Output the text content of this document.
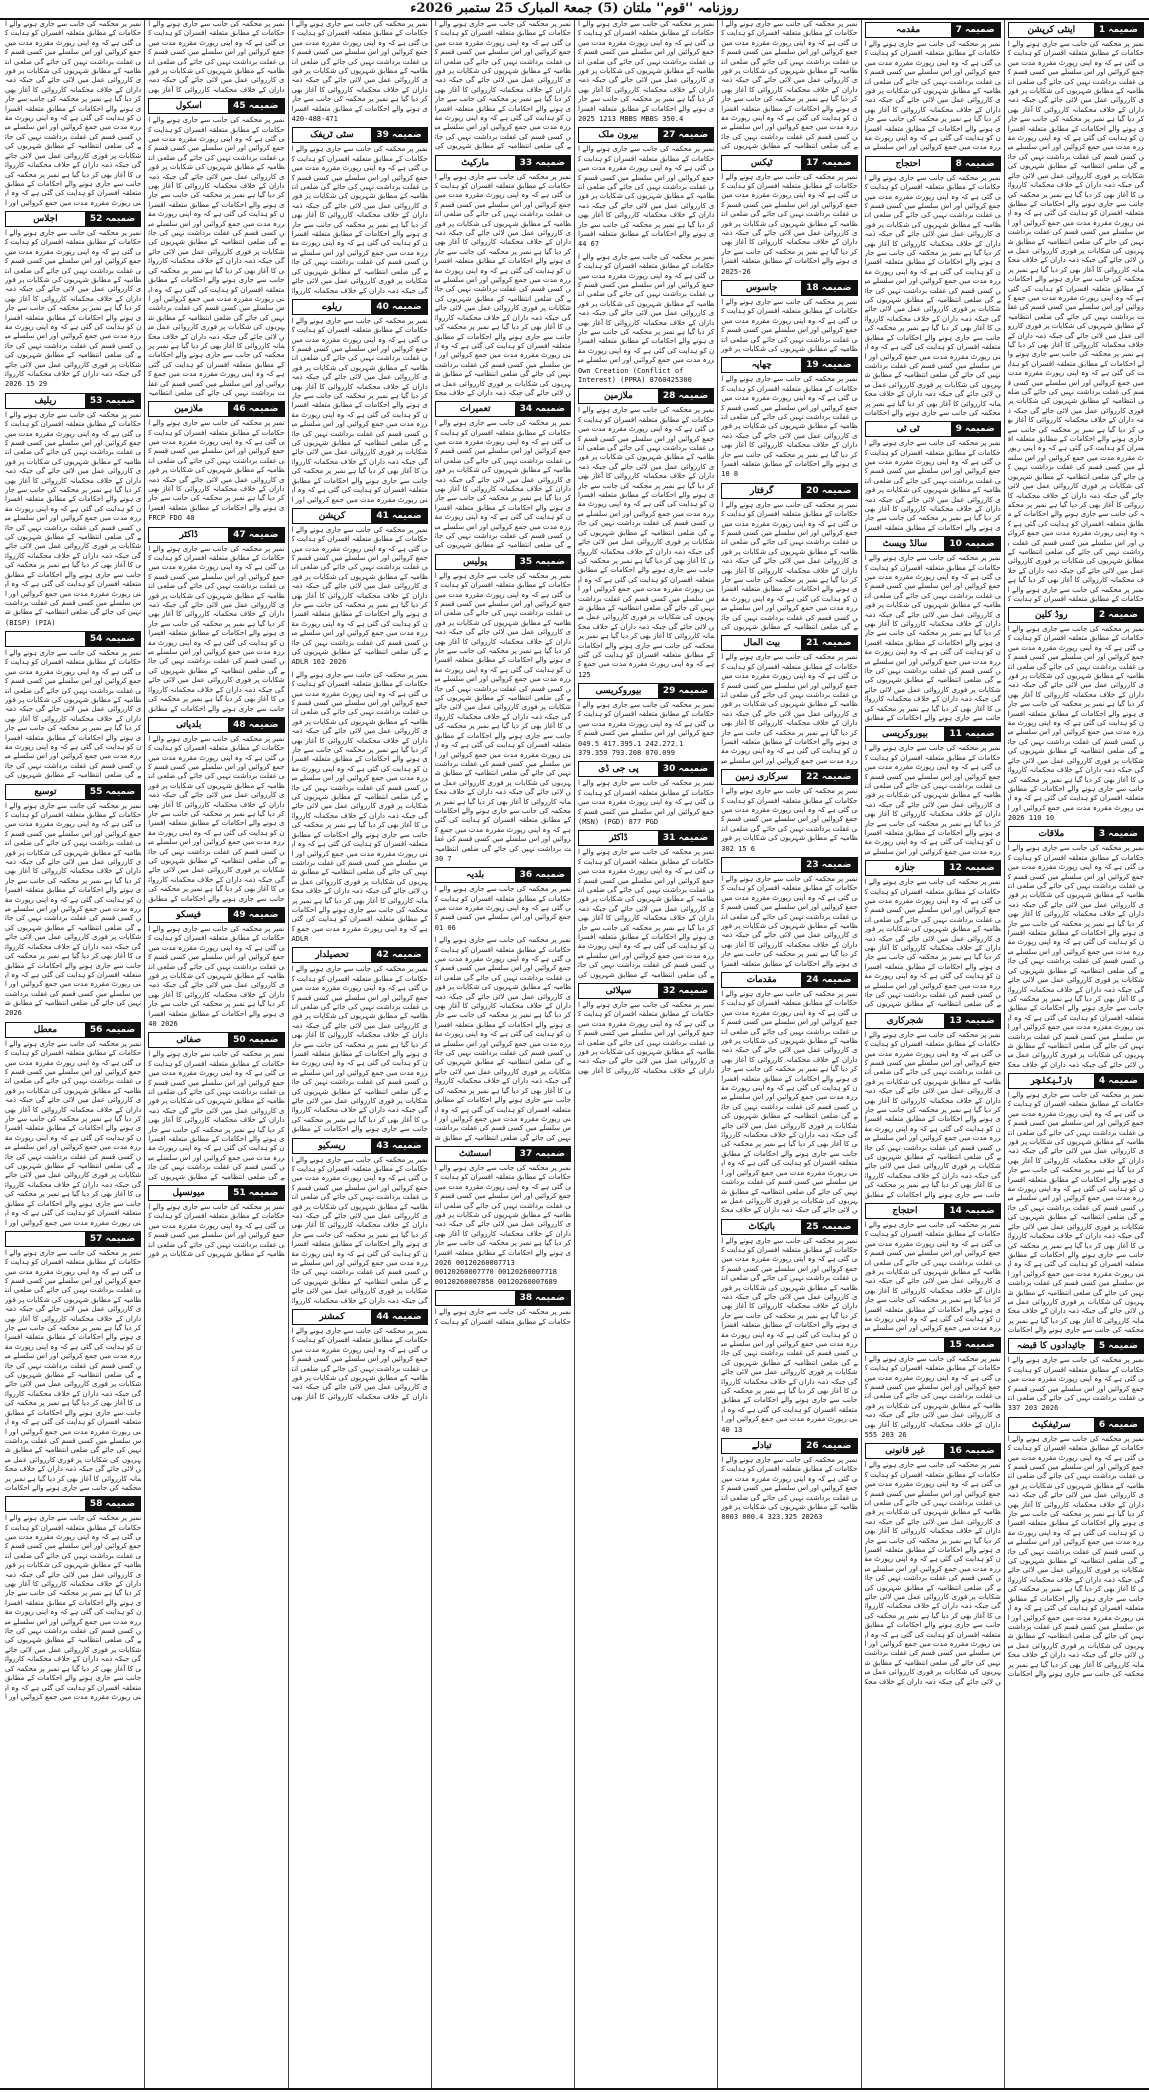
روزنامہ ''قوم'' ملتان (5) جمعۃ المبارک 25 ستمبر 2026ء
ضمیمہ 1
اینٹی کرپشن
نمبر پر محکمہ کی جانب سے جاری ہونے والے احکامات کے مطابق متعلقہ افسران کو ہدایت کی گئی ہے کہ وہ اپنی رپورٹ مقررہ مدت میں جمع کروائیں اور اس سلسلے میں کسی قسم کی غفلت برداشت نہیں کی جائے گی ضلعی انتظامیہ کے مطابق شہریوں کی شکایات پر فوری کارروائی عمل میں لائی جائے گی جبکہ ذمہ داران کے خلاف محکمانہ کارروائی کا آغاز بھی کر دیا گیا ہے نمبر پر محکمہ کی جانب سے جاری ہونے والے احکامات کے مطابق متعلقہ افسران کو ہدایت کی گئی ہے کہ وہ اپنی رپورٹ مقررہ مدت میں جمع کروائیں اور اس سلسلے میں کسی قسم کی غفلت برداشت نہیں کی جائے گی ضلعی انتظامیہ کے مطابق شہریوں کی شکایات پر فوری کارروائی عمل میں لائی جائے گی جبکہ ذمہ داران کے خلاف محکمانہ کارروائی کا آغاز بھی کر دیا گیا ہے نمبر پر محکمہ کی جانب سے جاری ہونے والے احکامات کے مطابق متعلقہ افسران کو ہدایت کی گئی ہے کہ وہ اپنی رپورٹ مقررہ مدت میں جمع کروائیں اور اس سلسلے میں کسی قسم کی غفلت برداشت نہیں کی جائے گی ضلعی انتظامیہ کے مطابق شہریوں کی شکایات پر فوری کارروائی عمل میں لائی جائے گی جبکہ ذمہ داران کے خلاف محکمانہ کارروائی کا آغاز بھی کر دیا گیا ہے نمبر پر محکمہ کی جانب سے جاری ہونے والے احکامات کے مطابق متعلقہ افسران کو ہدایت کی گئی ہے کہ وہ اپنی رپورٹ مقررہ مدت میں جمع کروائیں اور اس سلسلے میں کسی قسم کی غفلت برداشت نہیں کی جائے گی ضلعی انتظامیہ کے مطابق شہریوں کی شکایات پر فوری کارروائی عمل میں لائی جائے گی جبکہ ذمہ داران کے خلاف محکمانہ کارروائی کا آغاز بھی کر دیا گیا ہے نمبر پر محکمہ کی جانب سے جاری ہونے والے احکامات کے مطابق متعلقہ افسران کو ہدایت کی گئی ہے کہ وہ اپنی رپورٹ مقررہ مدت میں جمع کروائیں اور اس سلسلے میں کسی قسم کی غفلت برداشت نہیں کی جائے گی ضلعی انتظامیہ کے مطابق شہریوں کی شکایات پر فوری کارروائی عمل میں لائی جائے گی جبکہ ذمہ داران کے خلاف محکمانہ کارروائی کا آغاز بھی کر دیا گیا ہے نمبر پر محکمہ کی جانب سے جاری ہونے والے احکامات کے مطابق متعلقہ افسران کو ہدایت کی گئی ہے کہ وہ اپنی رپورٹ مقررہ مدت میں جمع کروائیں اور اس سلسلے میں کسی قسم کی غفلت برداشت نہیں کی جائے گی ضلعی انتظامیہ کے مطابق شہریوں کی شکایات پر فوری کارروائی عمل میں لائی جائے گی جبکہ ذمہ داران کے خلاف محکمانہ کارروائی کا آغاز بھی کر دیا گیا ہے نمبر پر محکمہ کی جانب سے جاری ہونے والے احکامات کے مطابق متعلقہ افسران کو ہدایت کی گئی ہے کہ وہ اپنی رپورٹ مقررہ مدت میں جمع کروائیں اور اس سلسلے میں کسی قسم کی غفلت برداشت نہیں کی جائے گی ضلعی انتظامیہ کے مطابق شہریوں کی شکایات پر فوری کارروائی عمل میں لائی جائے گی جبکہ ذمہ داران کے خلاف محکمانہ کارروائی کا آغاز بھی کر دیا گیا ہے نمبر پر محکمہ کی جانب سے جاری ہونے والے احکامات کے مطابق متعلقہ افسران کو ہدایت ک
ضمیمہ 2
روڈ کلین
نمبر پر محکمہ کی جانب سے جاری ہونے والے احکامات کے مطابق متعلقہ افسران کو ہدایت کی گئی ہے کہ وہ اپنی رپورٹ مقررہ مدت میں جمع کروائیں اور اس سلسلے میں کسی قسم کی غفلت برداشت نہیں کی جائے گی ضلعی انتظامیہ کے مطابق شہریوں کی شکایات پر فوری کارروائی عمل میں لائی جائے گی جبکہ ذمہ داران کے خلاف محکمانہ کارروائی کا آغاز بھی کر دیا گیا ہے نمبر پر محکمہ کی جانب سے جاری ہونے والے احکامات کے مطابق متعلقہ افسران کو ہدایت کی گئی ہے کہ وہ اپنی رپورٹ مقررہ مدت میں جمع کروائیں اور اس سلسلے میں کسی قسم کی غفلت برداشت نہیں کی جائے گی ضلعی انتظامیہ کے مطابق شہریوں کی شکایات پر فوری کارروائی عمل میں لائی جائے گی جبکہ ذمہ داران کے خلاف محکمانہ کارروائی کا آغاز بھی کر دیا گیا ہے نمبر پر محکمہ کی جانب سے جاری ہونے والے احکامات کے مطابق متعلقہ افسران کو ہدایت کی گئی ہے کہ وہ اپنی رپورٹ مقررہ مدت میں جمع کروائیں اور ا
2026 110 10
ضمیمہ 3
ملاقات
نمبر پر محکمہ کی جانب سے جاری ہونے والے احکامات کے مطابق متعلقہ افسران کو ہدایت کی گئی ہے کہ وہ اپنی رپورٹ مقررہ مدت میں جمع کروائیں اور اس سلسلے میں کسی قسم کی غفلت برداشت نہیں کی جائے گی ضلعی انتظامیہ کے مطابق شہریوں کی شکایات پر فوری کارروائی عمل میں لائی جائے گی جبکہ ذمہ داران کے خلاف محکمانہ کارروائی کا آغاز بھی کر دیا گیا ہے نمبر پر محکمہ کی جانب سے جاری ہونے والے احکامات کے مطابق متعلقہ افسران کو ہدایت کی گئی ہے کہ وہ اپنی رپورٹ مقررہ مدت میں جمع کروائیں اور اس سلسلے میں کسی قسم کی غفلت برداشت نہیں کی جائے گی ضلعی انتظامیہ کے مطابق شہریوں کی شکایات پر فوری کارروائی عمل میں لائی جائے گی جبکہ ذمہ داران کے خلاف محکمانہ کارروائی کا آغاز بھی کر دیا گیا ہے نمبر پر محکمہ کی جانب سے جاری ہونے والے احکامات کے مطابق متعلقہ افسران کو ہدایت کی گئی ہے کہ وہ اپنی رپورٹ مقررہ مدت میں جمع کروائیں اور اس سلسلے میں کسی قسم کی غفلت برداشت نہیں کی جائے گی ضلعی انتظامیہ کے مطابق شہریوں کی شکایات پر فوری کارروائی عمل میں لائی جائے گی جبکہ ذمہ داران کے خلاف محک
ضمیمہ 4
ہارٹیکلچر
نمبر پر محکمہ کی جانب سے جاری ہونے والے احکامات کے مطابق متعلقہ افسران کو ہدایت کی گئی ہے کہ وہ اپنی رپورٹ مقررہ مدت میں جمع کروائیں اور اس سلسلے میں کسی قسم کی غفلت برداشت نہیں کی جائے گی ضلعی انتظامیہ کے مطابق شہریوں کی شکایات پر فوری کارروائی عمل میں لائی جائے گی جبکہ ذمہ داران کے خلاف محکمانہ کارروائی کا آغاز بھی کر دیا گیا ہے نمبر پر محکمہ کی جانب سے جاری ہونے والے احکامات کے مطابق متعلقہ افسران کو ہدایت کی گئی ہے کہ وہ اپنی رپورٹ مقررہ مدت میں جمع کروائیں اور اس سلسلے میں کسی قسم کی غفلت برداشت نہیں کی جائے گی ضلعی انتظامیہ کے مطابق شہریوں کی شکایات پر فوری کارروائی عمل میں لائی جائے گی جبکہ ذمہ داران کے خلاف محکمانہ کارروائی کا آغاز بھی کر دیا گیا ہے نمبر پر محکمہ کی جانب سے جاری ہونے والے احکامات کے مطابق متعلقہ افسران کو ہدایت کی گئی ہے کہ وہ اپنی رپورٹ مقررہ مدت میں جمع کروائیں اور اس سلسلے میں کسی قسم کی غفلت برداشت نہیں کی جائے گی ضلعی انتظامیہ کے مطابق شہریوں کی شکایات پر فوری کارروائی عمل میں لائی جائے گی جبکہ ذمہ داران کے خلاف محکمانہ کارروائی کا آغاز بھی کر دیا گیا ہے نمبر پر محکمہ کی جانب سے جاری ہونے والے احکامات
ضمیمہ 5
جائیدادوں کا قبضہ
نمبر پر محکمہ کی جانب سے جاری ہونے والے احکامات کے مطابق متعلقہ افسران کو ہدایت کی گئی ہے کہ وہ اپنی رپورٹ مقررہ مدت میں جمع کروائیں اور اس سلسلے میں کسی قسم کی غفلت برداشت نہیں کی جائے گی ضلعی انت
337 203 2026
ضمیمہ 6
سرٹیفکیٹ
نمبر پر محکمہ کی جانب سے جاری ہونے والے احکامات کے مطابق متعلقہ افسران کو ہدایت کی گئی ہے کہ وہ اپنی رپورٹ مقررہ مدت میں جمع کروائیں اور اس سلسلے میں کسی قسم کی غفلت برداشت نہیں کی جائے گی ضلعی انتظامیہ کے مطابق شہریوں کی شکایات پر فوری کارروائی عمل میں لائی جائے گی جبکہ ذمہ داران کے خلاف محکمانہ کارروائی کا آغاز بھی کر دیا گیا ہے نمبر پر محکمہ کی جانب سے جاری ہونے والے احکامات کے مطابق متعلقہ افسران کو ہدایت کی گئی ہے کہ وہ اپنی رپورٹ مقررہ مدت میں جمع کروائیں اور اس سلسلے میں کسی قسم کی غفلت برداشت نہیں کی جائے گی ضلعی انتظامیہ کے مطابق شہریوں کی شکایات پر فوری کارروائی عمل میں لائی جائے گی جبکہ ذمہ داران کے خلاف محکمانہ کارروائی کا آغاز بھی کر دیا گیا ہے نمبر پر محکمہ کی جانب سے جاری ہونے والے احکامات کے مطابق متعلقہ افسران کو ہدایت کی گئی ہے کہ وہ اپنی رپورٹ مقررہ مدت میں جمع کروائیں اور اس سلسلے میں کسی قسم کی غفلت برداشت نہیں کی جائے گی ضلعی انتظامیہ کے مطابق شہریوں کی شکایات پر فوری کارروائی عمل میں لائی جائے گی جبکہ ذمہ داران کے خلاف محکمانہ کارروائی کا آغاز بھی کر دیا گیا ہے نمبر پر محکمہ کی جانب سے جاری ہونے والے احکامات
ضمیمہ 7
مقدمہ
نمبر پر محکمہ کی جانب سے جاری ہونے والے احکامات کے مطابق متعلقہ افسران کو ہدایت کی گئی ہے کہ وہ اپنی رپورٹ مقررہ مدت میں جمع کروائیں اور اس سلسلے میں کسی قسم کی غفلت برداشت نہیں کی جائے گی ضلعی انتظامیہ کے مطابق شہریوں کی شکایات پر فوری کارروائی عمل میں لائی جائے گی جبکہ ذمہ داران کے خلاف محکمانہ کارروائی کا آغاز بھی کر دیا گیا ہے نمبر پر محکمہ کی جانب سے جاری ہونے والے احکامات کے مطابق متعلقہ افسران کو ہدایت کی گئی ہے کہ وہ اپنی رپورٹ مقررہ مدت میں جمع کروائیں اور اس سلسلے می
ضمیمہ 8
احتجاج
نمبر پر محکمہ کی جانب سے جاری ہونے والے احکامات کے مطابق متعلقہ افسران کو ہدایت کی گئی ہے کہ وہ اپنی رپورٹ مقررہ مدت میں جمع کروائیں اور اس سلسلے میں کسی قسم کی غفلت برداشت نہیں کی جائے گی ضلعی انتظامیہ کے مطابق شہریوں کی شکایات پر فوری کارروائی عمل میں لائی جائے گی جبکہ ذمہ داران کے خلاف محکمانہ کارروائی کا آغاز بھی کر دیا گیا ہے نمبر پر محکمہ کی جانب سے جاری ہونے والے احکامات کے مطابق متعلقہ افسران کو ہدایت کی گئی ہے کہ وہ اپنی رپورٹ مقررہ مدت میں جمع کروائیں اور اس سلسلے میں کسی قسم کی غفلت برداشت نہیں کی جائے گی ضلعی انتظامیہ کے مطابق شہریوں کی شکایات پر فوری کارروائی عمل میں لائی جائے گی جبکہ ذمہ داران کے خلاف محکمانہ کارروائی کا آغاز بھی کر دیا گیا ہے نمبر پر محکمہ کی جانب سے جاری ہونے والے احکامات کے مطابق متعلقہ افسران کو ہدایت کی گئی ہے کہ وہ اپنی رپورٹ مقررہ مدت میں جمع کروائیں اور اس سلسلے میں کسی قسم کی غفلت برداشت نہیں کی جائے گی ضلعی انتظامیہ کے مطابق شہریوں کی شکایات پر فوری کارروائی عمل میں لائی جائے گی جبکہ ذمہ داران کے خلاف محکمانہ کارروائی کا آغاز بھی کر دیا گیا ہے نمبر پر محکمہ کی جانب سے جاری ہونے والے احکامات
ضمیمہ 9
ٹی ٹی
نمبر پر محکمہ کی جانب سے جاری ہونے والے احکامات کے مطابق متعلقہ افسران کو ہدایت کی گئی ہے کہ وہ اپنی رپورٹ مقررہ مدت میں جمع کروائیں اور اس سلسلے میں کسی قسم کی غفلت برداشت نہیں کی جائے گی ضلعی انتظامیہ کے مطابق شہریوں کی شکایات پر فوری کارروائی عمل میں لائی جائے گی جبکہ ذمہ داران کے خلاف محکمانہ کارروائی کا آغاز بھی کر دیا گیا ہے نمبر پر محکمہ کی جانب سے جاری ہونے والے احکامات کے مطابق متعلقہ افسرا
ضمیمہ 10
سالڈ ویسٹ
نمبر پر محکمہ کی جانب سے جاری ہونے والے احکامات کے مطابق متعلقہ افسران کو ہدایت کی گئی ہے کہ وہ اپنی رپورٹ مقررہ مدت میں جمع کروائیں اور اس سلسلے میں کسی قسم کی غفلت برداشت نہیں کی جائے گی ضلعی انتظامیہ کے مطابق شہریوں کی شکایات پر فوری کارروائی عمل میں لائی جائے گی جبکہ ذمہ داران کے خلاف محکمانہ کارروائی کا آغاز بھی کر دیا گیا ہے نمبر پر محکمہ کی جانب سے جاری ہونے والے احکامات کے مطابق متعلقہ افسران کو ہدایت کی گئی ہے کہ وہ اپنی رپورٹ مقررہ مدت میں جمع کروائیں اور اس سلسلے میں کسی قسم کی غفلت برداشت نہیں کی جائے گی ضلعی انتظامیہ کے مطابق شہریوں کی شکایات پر فوری کارروائی عمل میں لائی جائے گی جبکہ ذمہ داران کے خلاف محکمانہ کارروائی کا آغاز بھی کر دیا گیا ہے نمبر پر محکمہ کی جانب سے جاری ہونے والے احکامات کے مطابق
ضمیمہ 11
بیوروکریسی
نمبر پر محکمہ کی جانب سے جاری ہونے والے احکامات کے مطابق متعلقہ افسران کو ہدایت کی گئی ہے کہ وہ اپنی رپورٹ مقررہ مدت میں جمع کروائیں اور اس سلسلے میں کسی قسم کی غفلت برداشت نہیں کی جائے گی ضلعی انتظامیہ کے مطابق شہریوں کی شکایات پر فوری کارروائی عمل میں لائی جائے گی جبکہ ذمہ داران کے خلاف محکمانہ کارروائی کا آغاز بھی کر دیا گیا ہے نمبر پر محکمہ کی جانب سے جاری ہونے والے احکامات کے مطابق متعلقہ افسران کو ہدایت کی گئی ہے کہ وہ اپنی رپورٹ مقررہ مدت میں جمع کروائیں اور اس سلسلے می
ضمیمہ 12
جنازہ
نمبر پر محکمہ کی جانب سے جاری ہونے والے احکامات کے مطابق متعلقہ افسران کو ہدایت کی گئی ہے کہ وہ اپنی رپورٹ مقررہ مدت میں جمع کروائیں اور اس سلسلے میں کسی قسم کی غفلت برداشت نہیں کی جائے گی ضلعی انتظامیہ کے مطابق شہریوں کی شکایات پر فوری کارروائی عمل میں لائی جائے گی جبکہ ذمہ داران کے خلاف محکمانہ کارروائی کا آغاز بھی کر دیا گیا ہے نمبر پر محکمہ کی جانب سے جاری ہونے والے احکامات کے مطابق متعلقہ افسران کو ہدایت کی گئی ہے کہ وہ اپنی رپورٹ مقررہ مدت میں جمع کروائیں اور اس سلسلے میں کسی قسم کی غفلت برداشت نہیں کی جائے گی ضلعی انتظامیہ کے مطابق شہریوں کی
ضمیمہ 13
شجرکاری
نمبر پر محکمہ کی جانب سے جاری ہونے والے احکامات کے مطابق متعلقہ افسران کو ہدایت کی گئی ہے کہ وہ اپنی رپورٹ مقررہ مدت میں جمع کروائیں اور اس سلسلے میں کسی قسم کی غفلت برداشت نہیں کی جائے گی ضلعی انتظامیہ کے مطابق شہریوں کی شکایات پر فوری کارروائی عمل میں لائی جائے گی جبکہ ذمہ داران کے خلاف محکمانہ کارروائی کا آغاز بھی کر دیا گیا ہے نمبر پر محکمہ کی جانب سے جاری ہونے والے احکامات کے مطابق متعلقہ افسران کو ہدایت کی گئی ہے کہ وہ اپنی رپورٹ مقررہ مدت میں جمع کروائیں اور اس سلسلے میں کسی قسم کی غفلت برداشت نہیں کی جائے گی ضلعی انتظامیہ کے مطابق شہریوں کی شکایات پر فوری کارروائی عمل میں لائی جائے گی جبکہ ذمہ داران کے خلاف محکمانہ کارروائی کا آغاز بھی کر دیا گیا ہے نمبر پر محکمہ کی جانب سے جاری ہونے والے احکامات کے مطابق
ضمیمہ 14
احتجاج
نمبر پر محکمہ کی جانب سے جاری ہونے والے احکامات کے مطابق متعلقہ افسران کو ہدایت کی گئی ہے کہ وہ اپنی رپورٹ مقررہ مدت میں جمع کروائیں اور اس سلسلے میں کسی قسم کی غفلت برداشت نہیں کی جائے گی ضلعی انتظامیہ کے مطابق شہریوں کی شکایات پر فوری کارروائی عمل میں لائی جائے گی جبکہ ذمہ داران کے خلاف محکمانہ کارروائی کا آغاز بھی کر دیا گیا ہے نمبر پر محکمہ کی جانب سے جاری ہونے والے احکامات کے مطابق متعلقہ افسران کو ہدایت کی گئی ہے کہ وہ اپنی رپورٹ مقررہ مدت میں جمع کروائیں اور اس سلسلے می
ضمیمہ 15
نمبر پر محکمہ کی جانب سے جاری ہونے والے احکامات کے مطابق متعلقہ افسران کو ہدایت کی گئی ہے کہ وہ اپنی رپورٹ مقررہ مدت میں جمع کروائیں اور اس سلسلے میں کسی قسم کی غفلت برداشت نہیں کی جائے گی ضلعی انتظامیہ کے مطابق شہریوں کی شکایات پر فوری کارروائی عمل میں لائی جائے گی جبکہ ذمہ داران کے خلاف محکمانہ کارروائی کا آغاز بھی
555 203 26
ضمیمہ 16
غیر قانونی
نمبر پر محکمہ کی جانب سے جاری ہونے والے احکامات کے مطابق متعلقہ افسران کو ہدایت کی گئی ہے کہ وہ اپنی رپورٹ مقررہ مدت میں جمع کروائیں اور اس سلسلے میں کسی قسم کی غفلت برداشت نہیں کی جائے گی ضلعی انتظامیہ کے مطابق شہریوں کی شکایات پر فوری کارروائی عمل میں لائی جائے گی جبکہ ذمہ داران کے خلاف محکمانہ کارروائی کا آغاز بھی کر دیا گیا ہے نمبر پر محکمہ کی جانب سے جاری ہونے والے احکامات کے مطابق متعلقہ افسران کو ہدایت کی گئی ہے کہ وہ اپنی رپورٹ مقررہ مدت میں جمع کروائیں اور اس سلسلے میں کسی قسم کی غفلت برداشت نہیں کی جائے گی ضلعی انتظامیہ کے مطابق شہریوں کی شکایات پر فوری کارروائی عمل میں لائی جائے گی جبکہ ذمہ داران کے خلاف محکمانہ کارروائی کا آغاز بھی کر دیا گیا ہے نمبر پر محکمہ کی جانب سے جاری ہونے والے احکامات کے مطابق متعلقہ افسران کو ہدایت کی گئی ہے کہ وہ اپنی رپورٹ مقررہ مدت میں جمع کروائیں اور اس سلسلے میں کسی قسم کی غفلت برداشت نہیں کی جائے گی ضلعی انتظامیہ کے مطابق شہریوں کی شکایات پر فوری کارروائی عمل میں لائی جائے گی جبکہ ذمہ داران کے خلاف محک
نمبر پر محکمہ کی جانب سے جاری ہونے والے احکامات کے مطابق متعلقہ افسران کو ہدایت کی گئی ہے کہ وہ اپنی رپورٹ مقررہ مدت میں جمع کروائیں اور اس سلسلے میں کسی قسم کی غفلت برداشت نہیں کی جائے گی ضلعی انتظامیہ کے مطابق شہریوں کی شکایات پر فوری کارروائی عمل میں لائی جائے گی جبکہ ذمہ داران کے خلاف محکمانہ کارروائی کا آغاز بھی کر دیا گیا ہے نمبر پر محکمہ کی جانب سے جاری ہونے والے احکامات کے مطابق متعلقہ افسران کو ہدایت کی گئی ہے کہ وہ اپنی رپورٹ مقررہ مدت میں جمع کروائیں اور اس سلسلے میں کسی قسم کی غفلت برداشت نہیں کی جائے گی ضلعی انتظامیہ کے مطابق شہریوں کی
ضمیمہ 17
ٹیکس
نمبر پر محکمہ کی جانب سے جاری ہونے والے احکامات کے مطابق متعلقہ افسران کو ہدایت کی گئی ہے کہ وہ اپنی رپورٹ مقررہ مدت میں جمع کروائیں اور اس سلسلے میں کسی قسم کی غفلت برداشت نہیں کی جائے گی ضلعی انتظامیہ کے مطابق شہریوں کی شکایات پر فوری کارروائی عمل میں لائی جائے گی جبکہ ذمہ داران کے خلاف محکمانہ کارروائی کا آغاز بھی کر دیا گیا ہے نمبر پر محکمہ کی جانب سے جاری ہونے والے احکامات کے مطابق متعلقہ افسرا
2025-26
ضمیمہ 18
جاسوس
نمبر پر محکمہ کی جانب سے جاری ہونے والے احکامات کے مطابق متعلقہ افسران کو ہدایت کی گئی ہے کہ وہ اپنی رپورٹ مقررہ مدت میں جمع کروائیں اور اس سلسلے میں کسی قسم کی غفلت برداشت نہیں کی جائے گی ضلعی انتظامیہ کے مطابق شہریوں کی شکایات پر فور
ضمیمہ 19
چھاپہ
نمبر پر محکمہ کی جانب سے جاری ہونے والے احکامات کے مطابق متعلقہ افسران کو ہدایت کی گئی ہے کہ وہ اپنی رپورٹ مقررہ مدت میں جمع کروائیں اور اس سلسلے میں کسی قسم کی غفلت برداشت نہیں کی جائے گی ضلعی انتظامیہ کے مطابق شہریوں کی شکایات پر فوری کارروائی عمل میں لائی جائے گی جبکہ ذمہ داران کے خلاف محکمانہ کارروائی کا آغاز بھی کر دیا گیا ہے نمبر پر محکمہ کی جانب سے جاری ہونے والے احکامات کے مطابق متعلقہ افسرا
10 8
ضمیمہ 20
گرفتار
نمبر پر محکمہ کی جانب سے جاری ہونے والے احکامات کے مطابق متعلقہ افسران کو ہدایت کی گئی ہے کہ وہ اپنی رپورٹ مقررہ مدت میں جمع کروائیں اور اس سلسلے میں کسی قسم کی غفلت برداشت نہیں کی جائے گی ضلعی انتظامیہ کے مطابق شہریوں کی شکایات پر فوری کارروائی عمل میں لائی جائے گی جبکہ ذمہ داران کے خلاف محکمانہ کارروائی کا آغاز بھی کر دیا گیا ہے نمبر پر محکمہ کی جانب سے جاری ہونے والے احکامات کے مطابق متعلقہ افسران کو ہدایت کی گئی ہے کہ وہ اپنی رپورٹ مقررہ مدت میں جمع کروائیں اور اس سلسلے میں کسی قسم کی غفلت برداشت نہیں کی جائے گی ضلعی انتظامیہ کے مطابق شہریوں کی
ضمیمہ 21
بیت المال
نمبر پر محکمہ کی جانب سے جاری ہونے والے احکامات کے مطابق متعلقہ افسران کو ہدایت کی گئی ہے کہ وہ اپنی رپورٹ مقررہ مدت میں جمع کروائیں اور اس سلسلے میں کسی قسم کی غفلت برداشت نہیں کی جائے گی ضلعی انتظامیہ کے مطابق شہریوں کی شکایات پر فوری کارروائی عمل میں لائی جائے گی جبکہ ذمہ داران کے خلاف محکمانہ کارروائی کا آغاز بھی کر دیا گیا ہے نمبر پر محکمہ کی جانب سے جاری ہونے والے احکامات کے مطابق متعلقہ افسران کو ہدایت کی گئی ہے کہ وہ اپنی رپورٹ مقررہ مدت میں جمع کروائیں اور اس سلسلے می
ضمیمہ 22
سرکاری زمین
نمبر پر محکمہ کی جانب سے جاری ہونے والے احکامات کے مطابق متعلقہ افسران کو ہدایت کی گئی ہے کہ وہ اپنی رپورٹ مقررہ مدت میں جمع کروائیں اور اس سلسلے میں کسی قسم کی غفلت برداشت نہیں کی جائے گی ضلعی انتظامیہ کے مطابق شہریوں کی شکایات پر فور
302 15 6
ضمیمہ 23
نمبر پر محکمہ کی جانب سے جاری ہونے والے احکامات کے مطابق متعلقہ افسران کو ہدایت کی گئی ہے کہ وہ اپنی رپورٹ مقررہ مدت میں جمع کروائیں اور اس سلسلے میں کسی قسم کی غفلت برداشت نہیں کی جائے گی ضلعی انتظامیہ کے مطابق شہریوں کی شکایات پر فوری کارروائی عمل میں لائی جائے گی جبکہ ذمہ داران کے خلاف محکمانہ کارروائی کا آغاز بھی کر دیا گیا ہے نمبر پر محکمہ کی جانب سے جاری ہونے والے احکامات کے مطابق متعلقہ افسرا
ضمیمہ 24
مقدمات
نمبر پر محکمہ کی جانب سے جاری ہونے والے احکامات کے مطابق متعلقہ افسران کو ہدایت کی گئی ہے کہ وہ اپنی رپورٹ مقررہ مدت میں جمع کروائیں اور اس سلسلے میں کسی قسم کی غفلت برداشت نہیں کی جائے گی ضلعی انتظامیہ کے مطابق شہریوں کی شکایات پر فوری کارروائی عمل میں لائی جائے گی جبکہ ذمہ داران کے خلاف محکمانہ کارروائی کا آغاز بھی کر دیا گیا ہے نمبر پر محکمہ کی جانب سے جاری ہونے والے احکامات کے مطابق متعلقہ افسران کو ہدایت کی گئی ہے کہ وہ اپنی رپورٹ مقررہ مدت میں جمع کروائیں اور اس سلسلے میں کسی قسم کی غفلت برداشت نہیں کی جائے گی ضلعی انتظامیہ کے مطابق شہریوں کی شکایات پر فوری کارروائی عمل میں لائی جائے گی جبکہ ذمہ داران کے خلاف محکمانہ کارروائی کا آغاز بھی کر دیا گیا ہے نمبر پر محکمہ کی جانب سے جاری ہونے والے احکامات کے مطابق متعلقہ افسران کو ہدایت کی گئی ہے کہ وہ اپنی رپورٹ مقررہ مدت میں جمع کروائیں اور اس سلسلے میں کسی قسم کی غفلت برداشت نہیں کی جائے گی ضلعی انتظامیہ کے مطابق شہریوں کی شکایات پر فوری کارروائی عمل میں لائی جائے گی جبکہ ذمہ داران کے خلاف محک
ضمیمہ 25
بائیکاٹ
نمبر پر محکمہ کی جانب سے جاری ہونے والے احکامات کے مطابق متعلقہ افسران کو ہدایت کی گئی ہے کہ وہ اپنی رپورٹ مقررہ مدت میں جمع کروائیں اور اس سلسلے میں کسی قسم کی غفلت برداشت نہیں کی جائے گی ضلعی انتظامیہ کے مطابق شہریوں کی شکایات پر فوری کارروائی عمل میں لائی جائے گی جبکہ ذمہ داران کے خلاف محکمانہ کارروائی کا آغاز بھی کر دیا گیا ہے نمبر پر محکمہ کی جانب سے جاری ہونے والے احکامات کے مطابق متعلقہ افسران کو ہدایت کی گئی ہے کہ وہ اپنی رپورٹ مقررہ مدت میں جمع کروائیں اور اس سلسلے میں کسی قسم کی غفلت برداشت نہیں کی جائے گی ضلعی انتظامیہ کے مطابق شہریوں کی شکایات پر فوری کارروائی عمل میں لائی جائے گی جبکہ ذمہ داران کے خلاف محکمانہ کارروائی کا آغاز بھی کر دیا گیا ہے نمبر پر محکمہ کی جانب سے جاری ہونے والے احکامات کے مطابق متعلقہ افسران کو ہدایت کی گئی ہے کہ وہ اپنی رپورٹ مقررہ مدت میں جمع کروائیں اور ا
40 13
ضمیمہ 26
تبادلے
نمبر پر محکمہ کی جانب سے جاری ہونے والے احکامات کے مطابق متعلقہ افسران کو ہدایت کی گئی ہے کہ وہ اپنی رپورٹ مقررہ مدت میں جمع کروائیں اور اس سلسلے میں کسی قسم کی غفلت برداشت نہیں کی جائے گی ضلعی انتظامیہ کے مطابق شہریوں کی شکایات پر فور
8003 000.4 323.325 20263
نمبر پر محکمہ کی جانب سے جاری ہونے والے احکامات کے مطابق متعلقہ افسران کو ہدایت کی گئی ہے کہ وہ اپنی رپورٹ مقررہ مدت میں جمع کروائیں اور اس سلسلے میں کسی قسم کی غفلت برداشت نہیں کی جائے گی ضلعی انتظامیہ کے مطابق شہریوں کی شکایات پر فوری کارروائی عمل میں لائی جائے گی جبکہ ذمہ داران کے خلاف محکمانہ کارروائی کا آغاز بھی کر دیا گیا ہے نمبر پر محکمہ کی جانب سے جاری ہونے والے احکامات کے مطابق متعلقہ افسرا
2025 1213 MBBS MBBS 350.4
ضمیمہ 27
بیرون ملک
نمبر پر محکمہ کی جانب سے جاری ہونے والے احکامات کے مطابق متعلقہ افسران کو ہدایت کی گئی ہے کہ وہ اپنی رپورٹ مقررہ مدت میں جمع کروائیں اور اس سلسلے میں کسی قسم کی غفلت برداشت نہیں کی جائے گی ضلعی انتظامیہ کے مطابق شہریوں کی شکایات پر فوری کارروائی عمل میں لائی جائے گی جبکہ ذمہ داران کے خلاف محکمانہ کارروائی کا آغاز بھی کر دیا گیا ہے نمبر پر محکمہ کی جانب سے جاری ہونے والے احکامات کے مطابق متعلقہ افسرا
44 67
نمبر پر محکمہ کی جانب سے جاری ہونے والے احکامات کے مطابق متعلقہ افسران کو ہدایت کی گئی ہے کہ وہ اپنی رپورٹ مقررہ مدت میں جمع کروائیں اور اس سلسلے میں کسی قسم کی غفلت برداشت نہیں کی جائے گی ضلعی انتظامیہ کے مطابق شہریوں کی شکایات پر فوری کارروائی عمل میں لائی جائے گی جبکہ ذمہ داران کے خلاف محکمانہ کارروائی کا آغاز بھی کر دیا گیا ہے نمبر پر محکمہ کی جانب سے جاری ہونے والے احکامات کے مطابق متعلقہ افسران کو ہدایت کی گئی ہے کہ وہ اپنی رپورٹ مقررہ مدت میں جمع کروائیں اور اس سلسلے می
Own Creation (Conflict of Interest) (PPRA) 8760425300
ضمیمہ 28
ملازمین
نمبر پر محکمہ کی جانب سے جاری ہونے والے احکامات کے مطابق متعلقہ افسران کو ہدایت کی گئی ہے کہ وہ اپنی رپورٹ مقررہ مدت میں جمع کروائیں اور اس سلسلے میں کسی قسم کی غفلت برداشت نہیں کی جائے گی ضلعی انتظامیہ کے مطابق شہریوں کی شکایات پر فوری کارروائی عمل میں لائی جائے گی جبکہ ذمہ داران کے خلاف محکمانہ کارروائی کا آغاز بھی کر دیا گیا ہے نمبر پر محکمہ کی جانب سے جاری ہونے والے احکامات کے مطابق متعلقہ افسران کو ہدایت کی گئی ہے کہ وہ اپنی رپورٹ مقررہ مدت میں جمع کروائیں اور اس سلسلے میں کسی قسم کی غفلت برداشت نہیں کی جائے گی ضلعی انتظامیہ کے مطابق شہریوں کی شکایات پر فوری کارروائی عمل میں لائی جائے گی جبکہ ذمہ داران کے خلاف محکمانہ کارروائی کا آغاز بھی کر دیا گیا ہے نمبر پر محکمہ کی جانب سے جاری ہونے والے احکامات کے مطابق متعلقہ افسران کو ہدایت کی گئی ہے کہ وہ اپنی رپورٹ مقررہ مدت میں جمع کروائیں اور اس سلسلے میں کسی قسم کی غفلت برداشت نہیں کی جائے گی ضلعی انتظامیہ کے مطابق شہریوں کی شکایات پر فوری کارروائی عمل میں لائی جائے گی جبکہ ذمہ داران کے خلاف محکمانہ کارروائی کا آغاز بھی کر دیا گیا ہے نمبر پر محکمہ کی جانب سے جاری ہونے والے احکامات کے مطابق متعلقہ افسران کو ہدایت کی گئی ہے کہ وہ اپنی رپورٹ مقررہ مدت میں جمع ک
125
ضمیمہ 29
بیوروکریسی
نمبر پر محکمہ کی جانب سے جاری ہونے والے احکامات کے مطابق متعلقہ افسران کو ہدایت کی گئی ہے کہ وہ اپنی رپورٹ مقررہ مدت میں جمع کروائیں اور اس سلسلے میں کسی قسم ک
049.5 417.395.1 242.272.1 379.359 793.208 070.099
ضمیمہ 30
پی جی ڈی
نمبر پر محکمہ کی جانب سے جاری ہونے والے احکامات کے مطابق متعلقہ افسران کو ہدایت کی گئی ہے کہ وہ اپنی رپورٹ مقررہ مدت میں جمع کروائیں اور اس سلسلے میں کسی قسم ک
(MSN) (PGD) 877 PGD
ضمیمہ 31
ڈاکٹر
نمبر پر محکمہ کی جانب سے جاری ہونے والے احکامات کے مطابق متعلقہ افسران کو ہدایت کی گئی ہے کہ وہ اپنی رپورٹ مقررہ مدت میں جمع کروائیں اور اس سلسلے میں کسی قسم کی غفلت برداشت نہیں کی جائے گی ضلعی انتظامیہ کے مطابق شہریوں کی شکایات پر فوری کارروائی عمل میں لائی جائے گی جبکہ ذمہ داران کے خلاف محکمانہ کارروائی کا آغاز بھی کر دیا گیا ہے نمبر پر محکمہ کی جانب سے جاری ہونے والے احکامات کے مطابق متعلقہ افسران کو ہدایت کی گئی ہے کہ وہ اپنی رپورٹ مقررہ مدت میں جمع کروائیں اور اس سلسلے میں کسی قسم کی غفلت برداشت نہیں کی جائے گی ضلعی انتظامیہ کے مطابق شہریوں کی
ضمیمہ 32
سپلائی
نمبر پر محکمہ کی جانب سے جاری ہونے والے احکامات کے مطابق متعلقہ افسران کو ہدایت کی گئی ہے کہ وہ اپنی رپورٹ مقررہ مدت میں جمع کروائیں اور اس سلسلے میں کسی قسم کی غفلت برداشت نہیں کی جائے گی ضلعی انتظامیہ کے مطابق شہریوں کی شکایات پر فوری کارروائی عمل میں لائی جائے گی جبکہ ذمہ داران کے خلاف محکمانہ کارروائی کا آغاز بھی
نمبر پر محکمہ کی جانب سے جاری ہونے والے احکامات کے مطابق متعلقہ افسران کو ہدایت کی گئی ہے کہ وہ اپنی رپورٹ مقررہ مدت میں جمع کروائیں اور اس سلسلے میں کسی قسم کی غفلت برداشت نہیں کی جائے گی ضلعی انتظامیہ کے مطابق شہریوں کی شکایات پر فوری کارروائی عمل میں لائی جائے گی جبکہ ذمہ داران کے خلاف محکمانہ کارروائی کا آغاز بھی کر دیا گیا ہے نمبر پر محکمہ کی جانب سے جاری ہونے والے احکامات کے مطابق متعلقہ افسران کو ہدایت کی گئی ہے کہ وہ اپنی رپورٹ مقررہ مدت میں جمع کروائیں اور اس سلسلے میں کسی قسم کی غفلت برداشت نہیں کی جائے گی ضلعی انتظامیہ کے مطابق شہریوں کی
ضمیمہ 33
مارکیٹ
نمبر پر محکمہ کی جانب سے جاری ہونے والے احکامات کے مطابق متعلقہ افسران کو ہدایت کی گئی ہے کہ وہ اپنی رپورٹ مقررہ مدت میں جمع کروائیں اور اس سلسلے میں کسی قسم کی غفلت برداشت نہیں کی جائے گی ضلعی انتظامیہ کے مطابق شہریوں کی شکایات پر فوری کارروائی عمل میں لائی جائے گی جبکہ ذمہ داران کے خلاف محکمانہ کارروائی کا آغاز بھی کر دیا گیا ہے نمبر پر محکمہ کی جانب سے جاری ہونے والے احکامات کے مطابق متعلقہ افسران کو ہدایت کی گئی ہے کہ وہ اپنی رپورٹ مقررہ مدت میں جمع کروائیں اور اس سلسلے میں کسی قسم کی غفلت برداشت نہیں کی جائے گی ضلعی انتظامیہ کے مطابق شہریوں کی شکایات پر فوری کارروائی عمل میں لائی جائے گی جبکہ ذمہ داران کے خلاف محکمانہ کارروائی کا آغاز بھی کر دیا گیا ہے نمبر پر محکمہ کی جانب سے جاری ہونے والے احکامات کے مطابق متعلقہ افسران کو ہدایت کی گئی ہے کہ وہ اپنی رپورٹ مقررہ مدت میں جمع کروائیں اور اس سلسلے میں کسی قسم کی غفلت برداشت نہیں کی جائے گی ضلعی انتظامیہ کے مطابق شہریوں کی شکایات پر فوری کارروائی عمل میں لائی جائے گی جبکہ ذمہ داران کے خلاف محک
ضمیمہ 34
تعمیرات
نمبر پر محکمہ کی جانب سے جاری ہونے والے احکامات کے مطابق متعلقہ افسران کو ہدایت کی گئی ہے کہ وہ اپنی رپورٹ مقررہ مدت میں جمع کروائیں اور اس سلسلے میں کسی قسم کی غفلت برداشت نہیں کی جائے گی ضلعی انتظامیہ کے مطابق شہریوں کی شکایات پر فوری کارروائی عمل میں لائی جائے گی جبکہ ذمہ داران کے خلاف محکمانہ کارروائی کا آغاز بھی کر دیا گیا ہے نمبر پر محکمہ کی جانب سے جاری ہونے والے احکامات کے مطابق متعلقہ افسران کو ہدایت کی گئی ہے کہ وہ اپنی رپورٹ مقررہ مدت میں جمع کروائیں اور اس سلسلے میں کسی قسم کی غفلت برداشت نہیں کی جائے گی ضلعی انتظامیہ کے مطابق شہریوں کی
ضمیمہ 35
پولیس
نمبر پر محکمہ کی جانب سے جاری ہونے والے احکامات کے مطابق متعلقہ افسران کو ہدایت کی گئی ہے کہ وہ اپنی رپورٹ مقررہ مدت میں جمع کروائیں اور اس سلسلے میں کسی قسم کی غفلت برداشت نہیں کی جائے گی ضلعی انتظامیہ کے مطابق شہریوں کی شکایات پر فوری کارروائی عمل میں لائی جائے گی جبکہ ذمہ داران کے خلاف محکمانہ کارروائی کا آغاز بھی کر دیا گیا ہے نمبر پر محکمہ کی جانب سے جاری ہونے والے احکامات کے مطابق متعلقہ افسران کو ہدایت کی گئی ہے کہ وہ اپنی رپورٹ مقررہ مدت میں جمع کروائیں اور اس سلسلے میں کسی قسم کی غفلت برداشت نہیں کی جائے گی ضلعی انتظامیہ کے مطابق شہریوں کی شکایات پر فوری کارروائی عمل میں لائی جائے گی جبکہ ذمہ داران کے خلاف محکمانہ کارروائی کا آغاز بھی کر دیا گیا ہے نمبر پر محکمہ کی جانب سے جاری ہونے والے احکامات کے مطابق متعلقہ افسران کو ہدایت کی گئی ہے کہ وہ اپنی رپورٹ مقررہ مدت میں جمع کروائیں اور اس سلسلے میں کسی قسم کی غفلت برداشت نہیں کی جائے گی ضلعی انتظامیہ کے مطابق شہریوں کی شکایات پر فوری کارروائی عمل میں لائی جائے گی جبکہ ذمہ داران کے خلاف محکمانہ کارروائی کا آغاز بھی کر دیا گیا ہے نمبر پر محکمہ کی جانب سے جاری ہونے والے احکامات کے مطابق متعلقہ افسران کو ہدایت کی گئی ہے کہ وہ اپنی رپورٹ مقررہ مدت میں جمع کروائیں اور اس سلسلے میں کسی قسم کی غفلت برداشت نہیں کی جائے گی ضلعی انتظامیہ
30 7
ضمیمہ 36
بلدیہ
نمبر پر محکمہ کی جانب سے جاری ہونے والے احکامات کے مطابق متعلقہ افسران کو ہدایت کی گئی ہے کہ وہ اپنی رپورٹ مقررہ مدت میں جمع کروائیں اور اس سلسلے میں کسی قسم ک
01 06
نمبر پر محکمہ کی جانب سے جاری ہونے والے احکامات کے مطابق متعلقہ افسران کو ہدایت کی گئی ہے کہ وہ اپنی رپورٹ مقررہ مدت میں جمع کروائیں اور اس سلسلے میں کسی قسم کی غفلت برداشت نہیں کی جائے گی ضلعی انتظامیہ کے مطابق شہریوں کی شکایات پر فوری کارروائی عمل میں لائی جائے گی جبکہ ذمہ داران کے خلاف محکمانہ کارروائی کا آغاز بھی کر دیا گیا ہے نمبر پر محکمہ کی جانب سے جاری ہونے والے احکامات کے مطابق متعلقہ افسران کو ہدایت کی گئی ہے کہ وہ اپنی رپورٹ مقررہ مدت میں جمع کروائیں اور اس سلسلے میں کسی قسم کی غفلت برداشت نہیں کی جائے گی ضلعی انتظامیہ کے مطابق شہریوں کی شکایات پر فوری کارروائی عمل میں لائی جائے گی جبکہ ذمہ داران کے خلاف محکمانہ کارروائی کا آغاز بھی کر دیا گیا ہے نمبر پر محکمہ کی جانب سے جاری ہونے والے احکامات کے مطابق متعلقہ افسران کو ہدایت کی گئی ہے کہ وہ اپنی رپورٹ مقررہ مدت میں جمع کروائیں اور اس سلسلے میں کسی قسم کی غفلت برداشت نہیں کی جائے گی ضلعی انتظامیہ کے مطابق ش
ضمیمہ 37
اسسٹنٹ
نمبر پر محکمہ کی جانب سے جاری ہونے والے احکامات کے مطابق متعلقہ افسران کو ہدایت کی گئی ہے کہ وہ اپنی رپورٹ مقررہ مدت میں جمع کروائیں اور اس سلسلے میں کسی قسم کی غفلت برداشت نہیں کی جائے گی ضلعی انتظامیہ کے مطابق شہریوں کی شکایات پر فوری کارروائی عمل میں لائی جائے گی جبکہ ذمہ داران کے خلاف محکمانہ کارروائی کا آغاز بھی کر دیا گیا ہے نمبر پر محکمہ کی جانب سے جاری ہونے والے احکامات کے مطابق متعلقہ افسرا
2026 00120260007713 00120260007770 00120260007718 00120260007858 00120260007689
ضمیمہ 38
نمبر پر محکمہ کی جانب سے جاری ہونے والے احکامات کے مطابق متعلقہ افسران کو ہدایت ک
نمبر پر محکمہ کی جانب سے جاری ہونے والے احکامات کے مطابق متعلقہ افسران کو ہدایت کی گئی ہے کہ وہ اپنی رپورٹ مقررہ مدت میں جمع کروائیں اور اس سلسلے میں کسی قسم کی غفلت برداشت نہیں کی جائے گی ضلعی انتظامیہ کے مطابق شہریوں کی شکایات پر فوری کارروائی عمل میں لائی جائے گی جبکہ ذمہ داران کے خلاف محکمانہ کارروائی کا آغاز بھی کر دیا گیا ہے نمبر پر محکمہ کی جانب سے جاری ہونے والے احکامات کے مطابق متعلقہ افسرا
420-488-471
ضمیمہ 39
سٹی ٹریفک
نمبر پر محکمہ کی جانب سے جاری ہونے والے احکامات کے مطابق متعلقہ افسران کو ہدایت کی گئی ہے کہ وہ اپنی رپورٹ مقررہ مدت میں جمع کروائیں اور اس سلسلے میں کسی قسم کی غفلت برداشت نہیں کی جائے گی ضلعی انتظامیہ کے مطابق شہریوں کی شکایات پر فوری کارروائی عمل میں لائی جائے گی جبکہ ذمہ داران کے خلاف محکمانہ کارروائی کا آغاز بھی کر دیا گیا ہے نمبر پر محکمہ کی جانب سے جاری ہونے والے احکامات کے مطابق متعلقہ افسران کو ہدایت کی گئی ہے کہ وہ اپنی رپورٹ مقررہ مدت میں جمع کروائیں اور اس سلسلے میں کسی قسم کی غفلت برداشت نہیں کی جائے گی ضلعی انتظامیہ کے مطابق شہریوں کی شکایات پر فوری کارروائی عمل میں لائی جائے گی جبکہ ذمہ داران کے خلاف محکمانہ کارروائ
ضمیمہ 40
ریلوے
نمبر پر محکمہ کی جانب سے جاری ہونے والے احکامات کے مطابق متعلقہ افسران کو ہدایت کی گئی ہے کہ وہ اپنی رپورٹ مقررہ مدت میں جمع کروائیں اور اس سلسلے میں کسی قسم کی غفلت برداشت نہیں کی جائے گی ضلعی انتظامیہ کے مطابق شہریوں کی شکایات پر فوری کارروائی عمل میں لائی جائے گی جبکہ ذمہ داران کے خلاف محکمانہ کارروائی کا آغاز بھی کر دیا گیا ہے نمبر پر محکمہ کی جانب سے جاری ہونے والے احکامات کے مطابق متعلقہ افسران کو ہدایت کی گئی ہے کہ وہ اپنی رپورٹ مقررہ مدت میں جمع کروائیں اور اس سلسلے میں کسی قسم کی غفلت برداشت نہیں کی جائے گی ضلعی انتظامیہ کے مطابق شہریوں کی شکایات پر فوری کارروائی عمل میں لائی جائے گی جبکہ ذمہ داران کے خلاف محکمانہ کارروائی کا آغاز بھی کر دیا گیا ہے نمبر پر محکمہ کی جانب سے جاری ہونے والے احکامات کے مطابق متعلقہ افسران کو ہدایت کی گئی ہے کہ وہ اپنی رپورٹ مقررہ مدت میں جمع کروائیں اور ا
ضمیمہ 41
کرپشن
نمبر پر محکمہ کی جانب سے جاری ہونے والے احکامات کے مطابق متعلقہ افسران کو ہدایت کی گئی ہے کہ وہ اپنی رپورٹ مقررہ مدت میں جمع کروائیں اور اس سلسلے میں کسی قسم کی غفلت برداشت نہیں کی جائے گی ضلعی انتظامیہ کے مطابق شہریوں کی شکایات پر فوری کارروائی عمل میں لائی جائے گی جبکہ ذمہ داران کے خلاف محکمانہ کارروائی کا آغاز بھی کر دیا گیا ہے نمبر پر محکمہ کی جانب سے جاری ہونے والے احکامات کے مطابق متعلقہ افسران کو ہدایت کی گئی ہے کہ وہ اپنی رپورٹ مقررہ مدت میں جمع کروائیں اور اس سلسلے میں کسی قسم کی غفلت برداشت نہیں کی جائے گی ضلعی انتظامیہ کے مطابق شہریوں کی
ADLR 162 2026
نمبر پر محکمہ کی جانب سے جاری ہونے والے احکامات کے مطابق متعلقہ افسران کو ہدایت کی گئی ہے کہ وہ اپنی رپورٹ مقررہ مدت میں جمع کروائیں اور اس سلسلے میں کسی قسم کی غفلت برداشت نہیں کی جائے گی ضلعی انتظامیہ کے مطابق شہریوں کی شکایات پر فوری کارروائی عمل میں لائی جائے گی جبکہ ذمہ داران کے خلاف محکمانہ کارروائی کا آغاز بھی کر دیا گیا ہے نمبر پر محکمہ کی جانب سے جاری ہونے والے احکامات کے مطابق متعلقہ افسران کو ہدایت کی گئی ہے کہ وہ اپنی رپورٹ مقررہ مدت میں جمع کروائیں اور اس سلسلے میں کسی قسم کی غفلت برداشت نہیں کی جائے گی ضلعی انتظامیہ کے مطابق شہریوں کی شکایات پر فوری کارروائی عمل میں لائی جائے گی جبکہ ذمہ داران کے خلاف محکمانہ کارروائی کا آغاز بھی کر دیا گیا ہے نمبر پر محکمہ کی جانب سے جاری ہونے والے احکامات کے مطابق متعلقہ افسران کو ہدایت کی گئی ہے کہ وہ اپنی رپورٹ مقررہ مدت میں جمع کروائیں اور اس سلسلے میں کسی قسم کی غفلت برداشت نہیں کی جائے گی ضلعی انتظامیہ کے مطابق شہریوں کی شکایات پر فوری کارروائی عمل میں لائی جائے گی جبکہ ذمہ داران کے خلاف محکمانہ کارروائی کا آغاز بھی کر دیا گیا ہے نمبر پر محکمہ کی جانب سے جاری ہونے والے احکامات کے مطابق متعلقہ افسران کو ہدایت کی گئی ہے کہ وہ اپنی رپورٹ مقررہ مدت میں جمع ک
ADLR
ضمیمہ 42
تحصیلدار
نمبر پر محکمہ کی جانب سے جاری ہونے والے احکامات کے مطابق متعلقہ افسران کو ہدایت کی گئی ہے کہ وہ اپنی رپورٹ مقررہ مدت میں جمع کروائیں اور اس سلسلے میں کسی قسم کی غفلت برداشت نہیں کی جائے گی ضلعی انتظامیہ کے مطابق شہریوں کی شکایات پر فوری کارروائی عمل میں لائی جائے گی جبکہ ذمہ داران کے خلاف محکمانہ کارروائی کا آغاز بھی کر دیا گیا ہے نمبر پر محکمہ کی جانب سے جاری ہونے والے احکامات کے مطابق متعلقہ افسران کو ہدایت کی گئی ہے کہ وہ اپنی رپورٹ مقررہ مدت میں جمع کروائیں اور اس سلسلے میں کسی قسم کی غفلت برداشت نہیں کی جائے گی ضلعی انتظامیہ کے مطابق شہریوں کی شکایات پر فوری کارروائی عمل میں لائی جائے گی جبکہ ذمہ داران کے خلاف محکمانہ کارروائی کا آغاز بھی کر دیا گیا ہے نمبر پر محکمہ کی جانب سے جاری ہونے والے احکامات کے مطابق
ضمیمہ 43
ریسکیو
نمبر پر محکمہ کی جانب سے جاری ہونے والے احکامات کے مطابق متعلقہ افسران کو ہدایت کی گئی ہے کہ وہ اپنی رپورٹ مقررہ مدت میں جمع کروائیں اور اس سلسلے میں کسی قسم کی غفلت برداشت نہیں کی جائے گی ضلعی انتظامیہ کے مطابق شہریوں کی شکایات پر فوری کارروائی عمل میں لائی جائے گی جبکہ ذمہ داران کے خلاف محکمانہ کارروائی کا آغاز بھی کر دیا گیا ہے نمبر پر محکمہ کی جانب سے جاری ہونے والے احکامات کے مطابق متعلقہ افسران کو ہدایت کی گئی ہے کہ وہ اپنی رپورٹ مقررہ مدت میں جمع کروائیں اور اس سلسلے میں کسی قسم کی غفلت برداشت نہیں کی جائے گی ضلعی انتظامیہ کے مطابق شہریوں کی شکایات پر فوری کارروائی عمل میں لائی جائے گی جبکہ ذمہ داران کے خلاف محکمانہ کارروائ
ضمیمہ 44
کمشنر
نمبر پر محکمہ کی جانب سے جاری ہونے والے احکامات کے مطابق متعلقہ افسران کو ہدایت کی گئی ہے کہ وہ اپنی رپورٹ مقررہ مدت میں جمع کروائیں اور اس سلسلے میں کسی قسم کی غفلت برداشت نہیں کی جائے گی ضلعی انتظامیہ کے مطابق شہریوں کی شکایات پر فوری کارروائی عمل میں لائی جائے گی جبکہ ذمہ داران کے خلاف محکمانہ کارروائی کا آغاز بھی
نمبر پر محکمہ کی جانب سے جاری ہونے والے احکامات کے مطابق متعلقہ افسران کو ہدایت کی گئی ہے کہ وہ اپنی رپورٹ مقررہ مدت میں جمع کروائیں اور اس سلسلے میں کسی قسم کی غفلت برداشت نہیں کی جائے گی ضلعی انتظامیہ کے مطابق شہریوں کی شکایات پر فوری کارروائی عمل میں لائی جائے گی جبکہ ذمہ داران کے خلاف محکمانہ کارروائی کا آغاز بھی
ضمیمہ 45
اسکول
نمبر پر محکمہ کی جانب سے جاری ہونے والے احکامات کے مطابق متعلقہ افسران کو ہدایت کی گئی ہے کہ وہ اپنی رپورٹ مقررہ مدت میں جمع کروائیں اور اس سلسلے میں کسی قسم کی غفلت برداشت نہیں کی جائے گی ضلعی انتظامیہ کے مطابق شہریوں کی شکایات پر فوری کارروائی عمل میں لائی جائے گی جبکہ ذمہ داران کے خلاف محکمانہ کارروائی کا آغاز بھی کر دیا گیا ہے نمبر پر محکمہ کی جانب سے جاری ہونے والے احکامات کے مطابق متعلقہ افسران کو ہدایت کی گئی ہے کہ وہ اپنی رپورٹ مقررہ مدت میں جمع کروائیں اور اس سلسلے میں کسی قسم کی غفلت برداشت نہیں کی جائے گی ضلعی انتظامیہ کے مطابق شہریوں کی شکایات پر فوری کارروائی عمل میں لائی جائے گی جبکہ ذمہ داران کے خلاف محکمانہ کارروائی کا آغاز بھی کر دیا گیا ہے نمبر پر محکمہ کی جانب سے جاری ہونے والے احکامات کے مطابق متعلقہ افسران کو ہدایت کی گئی ہے کہ وہ اپنی رپورٹ مقررہ مدت میں جمع کروائیں اور اس سلسلے میں کسی قسم کی غفلت برداشت نہیں کی جائے گی ضلعی انتظامیہ کے مطابق شہریوں کی شکایات پر فوری کارروائی عمل میں لائی جائے گی جبکہ ذمہ داران کے خلاف محکمانہ کارروائی کا آغاز بھی کر دیا گیا ہے نمبر پر محکمہ کی جانب سے جاری ہونے والے احکامات کے مطابق متعلقہ افسران کو ہدایت کی گئی ہے کہ وہ اپنی رپورٹ مقررہ مدت میں جمع کروائیں اور اس سلسلے میں کسی قسم کی غفلت برداشت نہیں کی جائے گی ضلعی انتظامیہ
ضمیمہ 46
ملازمین
نمبر پر محکمہ کی جانب سے جاری ہونے والے احکامات کے مطابق متعلقہ افسران کو ہدایت کی گئی ہے کہ وہ اپنی رپورٹ مقررہ مدت میں جمع کروائیں اور اس سلسلے میں کسی قسم کی غفلت برداشت نہیں کی جائے گی ضلعی انتظامیہ کے مطابق شہریوں کی شکایات پر فوری کارروائی عمل میں لائی جائے گی جبکہ ذمہ داران کے خلاف محکمانہ کارروائی کا آغاز بھی کر دیا گیا ہے نمبر پر محکمہ کی جانب سے جاری ہونے والے احکامات کے مطابق متعلقہ افسرا
FRCP FDO 40
ضمیمہ 47
ڈاکٹر
نمبر پر محکمہ کی جانب سے جاری ہونے والے احکامات کے مطابق متعلقہ افسران کو ہدایت کی گئی ہے کہ وہ اپنی رپورٹ مقررہ مدت میں جمع کروائیں اور اس سلسلے میں کسی قسم کی غفلت برداشت نہیں کی جائے گی ضلعی انتظامیہ کے مطابق شہریوں کی شکایات پر فوری کارروائی عمل میں لائی جائے گی جبکہ ذمہ داران کے خلاف محکمانہ کارروائی کا آغاز بھی کر دیا گیا ہے نمبر پر محکمہ کی جانب سے جاری ہونے والے احکامات کے مطابق متعلقہ افسران کو ہدایت کی گئی ہے کہ وہ اپنی رپورٹ مقررہ مدت میں جمع کروائیں اور اس سلسلے میں کسی قسم کی غفلت برداشت نہیں کی جائے گی ضلعی انتظامیہ کے مطابق شہریوں کی شکایات پر فوری کارروائی عمل میں لائی جائے گی جبکہ ذمہ داران کے خلاف محکمانہ کارروائی کا آغاز بھی کر دیا گیا ہے نمبر پر محکمہ کی جانب سے جاری ہونے والے احکامات کے مطابق
ضمیمہ 48
بلدیاتی
نمبر پر محکمہ کی جانب سے جاری ہونے والے احکامات کے مطابق متعلقہ افسران کو ہدایت کی گئی ہے کہ وہ اپنی رپورٹ مقررہ مدت میں جمع کروائیں اور اس سلسلے میں کسی قسم کی غفلت برداشت نہیں کی جائے گی ضلعی انتظامیہ کے مطابق شہریوں کی شکایات پر فوری کارروائی عمل میں لائی جائے گی جبکہ ذمہ داران کے خلاف محکمانہ کارروائی کا آغاز بھی کر دیا گیا ہے نمبر پر محکمہ کی جانب سے جاری ہونے والے احکامات کے مطابق متعلقہ افسران کو ہدایت کی گئی ہے کہ وہ اپنی رپورٹ مقررہ مدت میں جمع کروائیں اور اس سلسلے میں کسی قسم کی غفلت برداشت نہیں کی جائے گی ضلعی انتظامیہ کے مطابق شہریوں کی شکایات پر فوری کارروائی عمل میں لائی جائے گی جبکہ ذمہ داران کے خلاف محکمانہ کارروائی کا آغاز بھی کر دیا گیا ہے نمبر پر محکمہ کی جانب سے جاری ہونے والے احکامات کے مطابق
ضمیمہ 49
فیسکو
نمبر پر محکمہ کی جانب سے جاری ہونے والے احکامات کے مطابق متعلقہ افسران کو ہدایت کی گئی ہے کہ وہ اپنی رپورٹ مقررہ مدت میں جمع کروائیں اور اس سلسلے میں کسی قسم کی غفلت برداشت نہیں کی جائے گی ضلعی انتظامیہ کے مطابق شہریوں کی شکایات پر فوری کارروائی عمل میں لائی جائے گی جبکہ ذمہ داران کے خلاف محکمانہ کارروائی کا آغاز بھی کر دیا گیا ہے نمبر پر محکمہ کی جانب سے جاری ہونے والے احکامات کے مطابق متعلقہ افسرا
40 2026
ضمیمہ 50
صفائی
نمبر پر محکمہ کی جانب سے جاری ہونے والے احکامات کے مطابق متعلقہ افسران کو ہدایت کی گئی ہے کہ وہ اپنی رپورٹ مقررہ مدت میں جمع کروائیں اور اس سلسلے میں کسی قسم کی غفلت برداشت نہیں کی جائے گی ضلعی انتظامیہ کے مطابق شہریوں کی شکایات پر فوری کارروائی عمل میں لائی جائے گی جبکہ ذمہ داران کے خلاف محکمانہ کارروائی کا آغاز بھی کر دیا گیا ہے نمبر پر محکمہ کی جانب سے جاری ہونے والے احکامات کے مطابق متعلقہ افسران کو ہدایت کی گئی ہے کہ وہ اپنی رپورٹ مقررہ مدت میں جمع کروائیں اور اس سلسلے میں کسی قسم کی غفلت برداشت نہیں کی جائے گی ضلعی انتظامیہ کے مطابق شہریوں کی
ضمیمہ 51
میونسپل
نمبر پر محکمہ کی جانب سے جاری ہونے والے احکامات کے مطابق متعلقہ افسران کو ہدایت کی گئی ہے کہ وہ اپنی رپورٹ مقررہ مدت میں جمع کروائیں اور اس سلسلے میں کسی قسم کی غفلت برداشت نہیں کی جائے گی ضلعی انتظامیہ کے مطابق شہریوں کی شکایات پر فور
نمبر پر محکمہ کی جانب سے جاری ہونے والے احکامات کے مطابق متعلقہ افسران کو ہدایت کی گئی ہے کہ وہ اپنی رپورٹ مقررہ مدت میں جمع کروائیں اور اس سلسلے میں کسی قسم کی غفلت برداشت نہیں کی جائے گی ضلعی انتظامیہ کے مطابق شہریوں کی شکایات پر فوری کارروائی عمل میں لائی جائے گی جبکہ ذمہ داران کے خلاف محکمانہ کارروائی کا آغاز بھی کر دیا گیا ہے نمبر پر محکمہ کی جانب سے جاری ہونے والے احکامات کے مطابق متعلقہ افسران کو ہدایت کی گئی ہے کہ وہ اپنی رپورٹ مقررہ مدت میں جمع کروائیں اور اس سلسلے میں کسی قسم کی غفلت برداشت نہیں کی جائے گی ضلعی انتظامیہ کے مطابق شہریوں کی شکایات پر فوری کارروائی عمل میں لائی جائے گی جبکہ ذمہ داران کے خلاف محکمانہ کارروائی کا آغاز بھی کر دیا گیا ہے نمبر پر محکمہ کی جانب سے جاری ہونے والے احکامات کے مطابق متعلقہ افسران کو ہدایت کی گئی ہے کہ وہ اپنی رپورٹ مقررہ مدت میں جمع کروائیں اور ا
ضمیمہ 52
اجلاس
نمبر پر محکمہ کی جانب سے جاری ہونے والے احکامات کے مطابق متعلقہ افسران کو ہدایت کی گئی ہے کہ وہ اپنی رپورٹ مقررہ مدت میں جمع کروائیں اور اس سلسلے میں کسی قسم کی غفلت برداشت نہیں کی جائے گی ضلعی انتظامیہ کے مطابق شہریوں کی شکایات پر فوری کارروائی عمل میں لائی جائے گی جبکہ ذمہ داران کے خلاف محکمانہ کارروائی کا آغاز بھی کر دیا گیا ہے نمبر پر محکمہ کی جانب سے جاری ہونے والے احکامات کے مطابق متعلقہ افسران کو ہدایت کی گئی ہے کہ وہ اپنی رپورٹ مقررہ مدت میں جمع کروائیں اور اس سلسلے میں کسی قسم کی غفلت برداشت نہیں کی جائے گی ضلعی انتظامیہ کے مطابق شہریوں کی شکایات پر فوری کارروائی عمل میں لائی جائے گی جبکہ ذمہ داران کے خلاف محکمانہ کارروائ
2026 15 29
ضمیمہ 53
ریلیف
نمبر پر محکمہ کی جانب سے جاری ہونے والے احکامات کے مطابق متعلقہ افسران کو ہدایت کی گئی ہے کہ وہ اپنی رپورٹ مقررہ مدت میں جمع کروائیں اور اس سلسلے میں کسی قسم کی غفلت برداشت نہیں کی جائے گی ضلعی انتظامیہ کے مطابق شہریوں کی شکایات پر فوری کارروائی عمل میں لائی جائے گی جبکہ ذمہ داران کے خلاف محکمانہ کارروائی کا آغاز بھی کر دیا گیا ہے نمبر پر محکمہ کی جانب سے جاری ہونے والے احکامات کے مطابق متعلقہ افسران کو ہدایت کی گئی ہے کہ وہ اپنی رپورٹ مقررہ مدت میں جمع کروائیں اور اس سلسلے میں کسی قسم کی غفلت برداشت نہیں کی جائے گی ضلعی انتظامیہ کے مطابق شہریوں کی شکایات پر فوری کارروائی عمل میں لائی جائے گی جبکہ ذمہ داران کے خلاف محکمانہ کارروائی کا آغاز بھی کر دیا گیا ہے نمبر پر محکمہ کی جانب سے جاری ہونے والے احکامات کے مطابق متعلقہ افسران کو ہدایت کی گئی ہے کہ وہ اپنی رپورٹ مقررہ مدت میں جمع کروائیں اور اس سلسلے میں کسی قسم کی غفلت برداشت نہیں کی جائے گی ضلعی انتظامیہ کے مطابق ش
(BISP) (PIA)
ضمیمہ 54
نمبر پر محکمہ کی جانب سے جاری ہونے والے احکامات کے مطابق متعلقہ افسران کو ہدایت کی گئی ہے کہ وہ اپنی رپورٹ مقررہ مدت میں جمع کروائیں اور اس سلسلے میں کسی قسم کی غفلت برداشت نہیں کی جائے گی ضلعی انتظامیہ کے مطابق شہریوں کی شکایات پر فوری کارروائی عمل میں لائی جائے گی جبکہ ذمہ داران کے خلاف محکمانہ کارروائی کا آغاز بھی کر دیا گیا ہے نمبر پر محکمہ کی جانب سے جاری ہونے والے احکامات کے مطابق متعلقہ افسران کو ہدایت کی گئی ہے کہ وہ اپنی رپورٹ مقررہ مدت میں جمع کروائیں اور اس سلسلے میں کسی قسم کی غفلت برداشت نہیں کی جائے گی ضلعی انتظامیہ کے مطابق شہریوں کی
ضمیمہ 55
توسیع
نمبر پر محکمہ کی جانب سے جاری ہونے والے احکامات کے مطابق متعلقہ افسران کو ہدایت کی گئی ہے کہ وہ اپنی رپورٹ مقررہ مدت میں جمع کروائیں اور اس سلسلے میں کسی قسم کی غفلت برداشت نہیں کی جائے گی ضلعی انتظامیہ کے مطابق شہریوں کی شکایات پر فوری کارروائی عمل میں لائی جائے گی جبکہ ذمہ داران کے خلاف محکمانہ کارروائی کا آغاز بھی کر دیا گیا ہے نمبر پر محکمہ کی جانب سے جاری ہونے والے احکامات کے مطابق متعلقہ افسران کو ہدایت کی گئی ہے کہ وہ اپنی رپورٹ مقررہ مدت میں جمع کروائیں اور اس سلسلے میں کسی قسم کی غفلت برداشت نہیں کی جائے گی ضلعی انتظامیہ کے مطابق شہریوں کی شکایات پر فوری کارروائی عمل میں لائی جائے گی جبکہ ذمہ داران کے خلاف محکمانہ کارروائی کا آغاز بھی کر دیا گیا ہے نمبر پر محکمہ کی جانب سے جاری ہونے والے احکامات کے مطابق متعلقہ افسران کو ہدایت کی گئی ہے کہ وہ اپنی رپورٹ مقررہ مدت میں جمع کروائیں اور اس سلسلے میں کسی قسم کی غفلت برداشت نہیں کی جائے گی ضلعی انتظامیہ کے مطابق ش
2026
ضمیمہ 56
معطل
نمبر پر محکمہ کی جانب سے جاری ہونے والے احکامات کے مطابق متعلقہ افسران کو ہدایت کی گئی ہے کہ وہ اپنی رپورٹ مقررہ مدت میں جمع کروائیں اور اس سلسلے میں کسی قسم کی غفلت برداشت نہیں کی جائے گی ضلعی انتظامیہ کے مطابق شہریوں کی شکایات پر فوری کارروائی عمل میں لائی جائے گی جبکہ ذمہ داران کے خلاف محکمانہ کارروائی کا آغاز بھی کر دیا گیا ہے نمبر پر محکمہ کی جانب سے جاری ہونے والے احکامات کے مطابق متعلقہ افسران کو ہدایت کی گئی ہے کہ وہ اپنی رپورٹ مقررہ مدت میں جمع کروائیں اور اس سلسلے میں کسی قسم کی غفلت برداشت نہیں کی جائے گی ضلعی انتظامیہ کے مطابق شہریوں کی شکایات پر فوری کارروائی عمل میں لائی جائے گی جبکہ ذمہ داران کے خلاف محکمانہ کارروائی کا آغاز بھی کر دیا گیا ہے نمبر پر محکمہ کی جانب سے جاری ہونے والے احکامات کے مطابق متعلقہ افسران کو ہدایت کی گئی ہے کہ وہ اپنی رپورٹ مقررہ مدت میں جمع کروائیں اور ا
ضمیمہ 57
نمبر پر محکمہ کی جانب سے جاری ہونے والے احکامات کے مطابق متعلقہ افسران کو ہدایت کی گئی ہے کہ وہ اپنی رپورٹ مقررہ مدت میں جمع کروائیں اور اس سلسلے میں کسی قسم کی غفلت برداشت نہیں کی جائے گی ضلعی انتظامیہ کے مطابق شہریوں کی شکایات پر فوری کارروائی عمل میں لائی جائے گی جبکہ ذمہ داران کے خلاف محکمانہ کارروائی کا آغاز بھی کر دیا گیا ہے نمبر پر محکمہ کی جانب سے جاری ہونے والے احکامات کے مطابق متعلقہ افسران کو ہدایت کی گئی ہے کہ وہ اپنی رپورٹ مقررہ مدت میں جمع کروائیں اور اس سلسلے میں کسی قسم کی غفلت برداشت نہیں کی جائے گی ضلعی انتظامیہ کے مطابق شہریوں کی شکایات پر فوری کارروائی عمل میں لائی جائے گی جبکہ ذمہ داران کے خلاف محکمانہ کارروائی کا آغاز بھی کر دیا گیا ہے نمبر پر محکمہ کی جانب سے جاری ہونے والے احکامات کے مطابق متعلقہ افسران کو ہدایت کی گئی ہے کہ وہ اپنی رپورٹ مقررہ مدت میں جمع کروائیں اور اس سلسلے میں کسی قسم کی غفلت برداشت نہیں کی جائے گی ضلعی انتظامیہ کے مطابق شہریوں کی شکایات پر فوری کارروائی عمل میں لائی جائے گی جبکہ ذمہ داران کے خلاف محکمانہ کارروائی کا آغاز بھی کر دیا گیا ہے نمبر پر محکمہ کی جانب سے جاری ہونے والے احکامات
ضمیمہ 58
نمبر پر محکمہ کی جانب سے جاری ہونے والے احکامات کے مطابق متعلقہ افسران کو ہدایت کی گئی ہے کہ وہ اپنی رپورٹ مقررہ مدت میں جمع کروائیں اور اس سلسلے میں کسی قسم کی غفلت برداشت نہیں کی جائے گی ضلعی انتظامیہ کے مطابق شہریوں کی شکایات پر فوری کارروائی عمل میں لائی جائے گی جبکہ ذمہ داران کے خلاف محکمانہ کارروائی کا آغاز بھی کر دیا گیا ہے نمبر پر محکمہ کی جانب سے جاری ہونے والے احکامات کے مطابق متعلقہ افسران کو ہدایت کی گئی ہے کہ وہ اپنی رپورٹ مقررہ مدت میں جمع کروائیں اور اس سلسلے میں کسی قسم کی غفلت برداشت نہیں کی جائے گی ضلعی انتظامیہ کے مطابق شہریوں کی شکایات پر فوری کارروائی عمل میں لائی جائے گی جبکہ ذمہ داران کے خلاف محکمانہ کارروائی کا آغاز بھی کر دیا گیا ہے نمبر پر محکمہ کی جانب سے جاری ہونے والے احکامات کے مطابق متعلقہ افسران کو ہدایت کی گئی ہے کہ وہ اپنی رپورٹ مقررہ مدت میں جمع کروائیں اور ا
